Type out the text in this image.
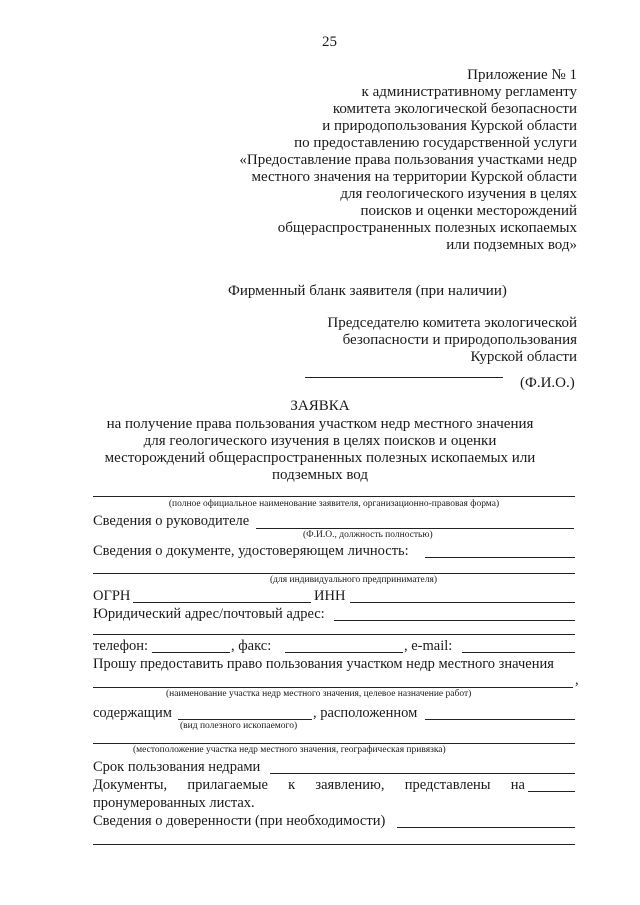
25
Приложение № 1
к административному регламенту
комитета экологической безопасности
и природопользования Курской области
по предоставлению государственной услуги
«Предоставление права пользования участками недр
местного значения на территории Курской области
для геологического изучения в целях
поисков и оценки месторождений
общераспространенных полезных ископаемых
или подземных вод»
Фирменный бланк заявителя (при наличии)
Председателю комитета экологической
безопасности и природопользования
Курской области
(Ф.И.О.)
ЗАЯВКА
на получение права пользования участком недр местного значения
для геологического изучения в целях поисков и оценки
месторождений общераспространенных полезных ископаемых или
подземных вод
(полное официальное наименование заявителя, организационно-правовая форма)
Сведения о руководителе
(Ф.И.О., должность полностью)
Сведения о документе, удостоверяющем личность:
(для индивидуального предпринимателя)
ОГРН	ИНН
Юридический адрес/почтовый адрес:
телефон:	, факс:	, e-mail:
Прошу предоставить право пользования участком недр местного значения
,
(наименование участка недр местного значения, целевое назначение работ)
содержащим	, расположенном
(вид полезного ископаемого)
(местоположение участка недр местного значения, географическая привязка)
Срок пользования недрами
Документы, прилагаемые к заявлению, представлены на
пронумерованных листах.
Сведения о доверенности (при необходимости)
